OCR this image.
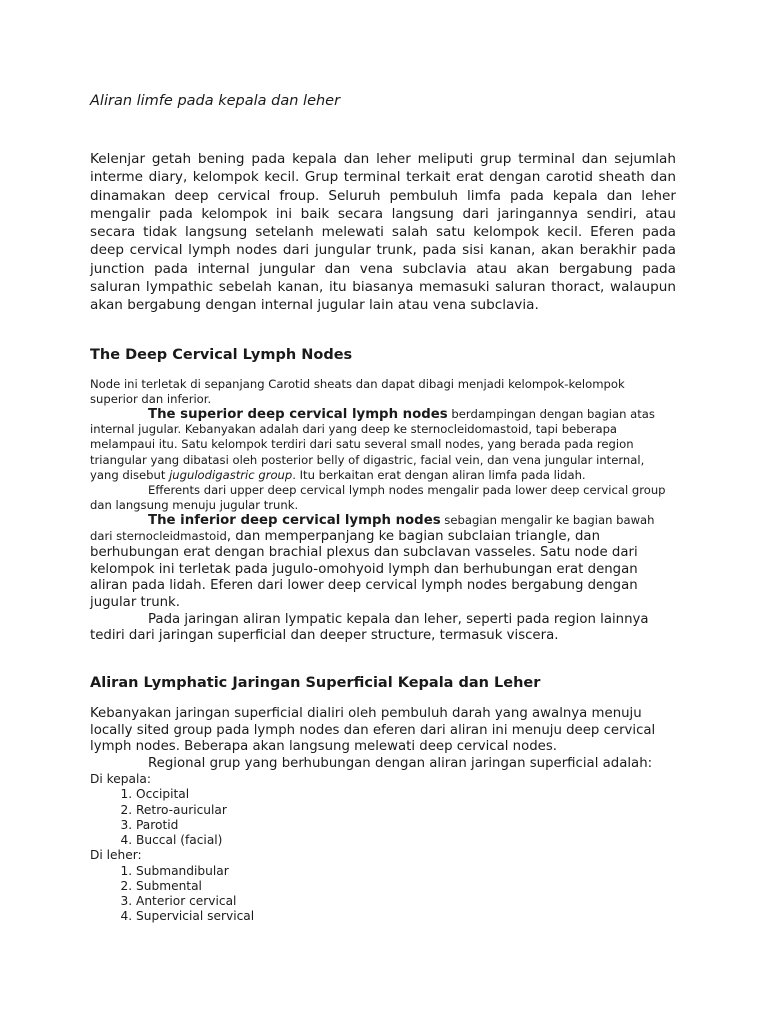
Aliran limfe pada kepala dan leher

Kelenjar getah bening pada kepala dan leher meliputi grup terminal dan sejumlah interme diary, kelompok kecil. Grup terminal terkait erat dengan carotid sheath dan dinamakan deep cervical froup. Seluruh pembuluh limfa pada kepala dan leher mengalir pada kelompok ini baik secara langsung dari jaringannya sendiri, atau secara tidak langsung setelanh melewati salah satu kelompok kecil. Eferen pada deep cervical lymph nodes dari jungular trunk, pada sisi kanan, akan berakhir pada junction pada internal jungular dan vena subclavia atau akan bergabung pada saluran lympathic sebelah kanan, itu biasanya memasuki saluran thoract, walaupun akan bergabung dengan internal jugular lain atau vena subclavia.

The Deep Cervical Lymph Nodes

Node ini terletak di sepanjang Carotid sheats dan dapat dibagi menjadi kelompok-kelompok superior dan inferior.

The superior deep cervical lymph nodes berdampingan dengan bagian atas internal jugular. Kebanyakan adalah dari yang deep ke sternocleidomastoid, tapi beberapa melampaui itu. Satu kelompok terdiri dari satu several small nodes, yang berada pada region triangular yang dibatasi oleh posterior belly of digastric, facial vein, dan vena jungular internal, yang disebut jugulodigastric group. Itu berkaitan erat dengan aliran limfa pada lidah.

Efferents dari upper deep cervical lymph nodes mengalir pada lower deep cervical group dan langsung menuju jugular trunk.

The inferior deep cervical lymph nodes sebagian mengalir ke bagian bawah dari sternocleidmastoid, dan memperpanjang ke bagian subclaian triangle, dan berhubungan erat dengan brachial plexus dan subclavan vasseles. Satu node dari kelompok ini terletak pada jugulo-omohyoid lymph dan berhubungan erat dengan aliran pada lidah. Eferen dari lower deep cervical lymph nodes bergabung dengan jugular trunk.

Pada jaringan aliran lympatic kepala dan leher, seperti pada region lainnya tediri dari jaringan superficial dan deeper structure, termasuk viscera.

Aliran Lymphatic Jaringan Superficial Kepala dan Leher

Kebanyakan jaringan superficial dialiri oleh pembuluh darah yang awalnya menuju locally sited group pada lymph nodes dan eferen dari aliran ini menuju deep cervical lymph nodes. Beberapa akan langsung melewati deep cervical nodes.
Regional grup yang berhubungan dengan aliran jaringan superficial adalah:
Di kepala:
1. Occipital
2. Retro-auricular
3. Parotid
4. Buccal (facial)
Di leher:
1. Submandibular
2. Submental
3. Anterior cervical
4. Supervicial servical
